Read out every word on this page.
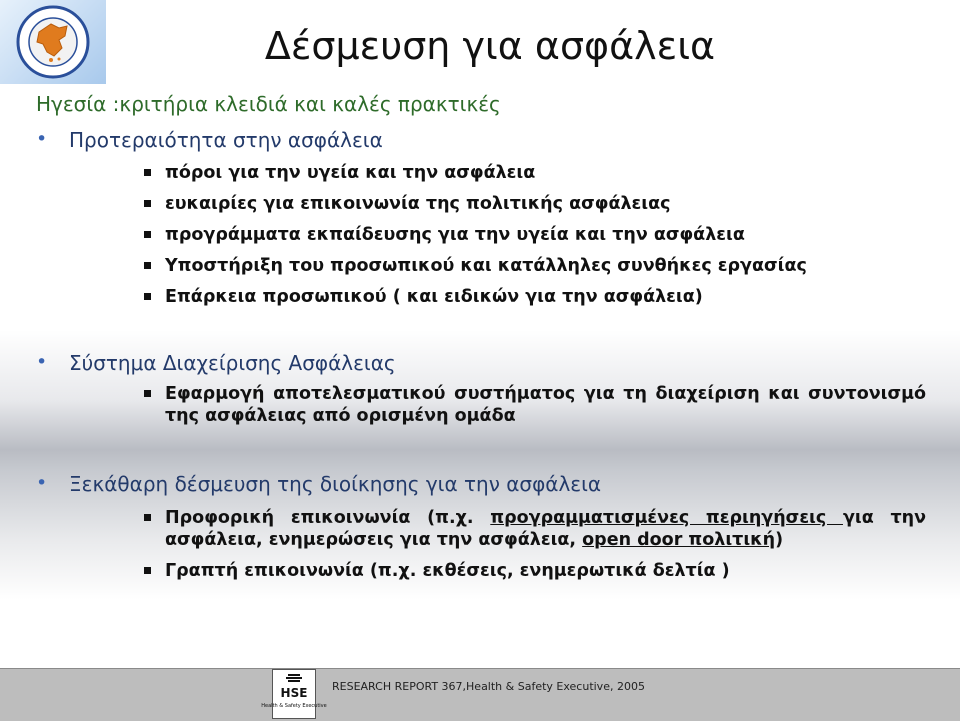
Δέσμευση για ασφάλεια

Ηγεσία :κριτήρια κλειδιά και καλές πρακτικές

• Προτεραιότητα στην ασφάλεια
πόροι για την υγεία και την ασφάλεια
ευκαιρίες για επικοινωνία της πολιτικής ασφάλειας
προγράμματα εκπαίδευσης για την υγεία και την ασφάλεια
Υποστήριξη του προσωπικού και κατάλληλες συνθήκες εργασίας
Επάρκεια προσωπικού ( και ειδικών για την ασφάλεια)
• Σύστημα Διαχείρισης Ασφάλειας
Εφαρμογή αποτελεσματικού συστήματος για τη διαχείριση και συντονισμό της ασφάλειας από ορισμένη ομάδα
• Ξεκάθαρη δέσμευση της διοίκησης για την ασφάλεια
Προφορική επικοινωνία (π.χ. προγραμματισμένες περιηγήσεις για την ασφάλεια, ενημερώσεις για την ασφάλεια, open door πολιτική)
Γραπτή επικοινωνία (π.χ. εκθέσεις, ενημερωτικά δελτία )
HSE
Health & Safety Executive
RESEARCH REPORT 367,Health & Safety Executive, 2005
